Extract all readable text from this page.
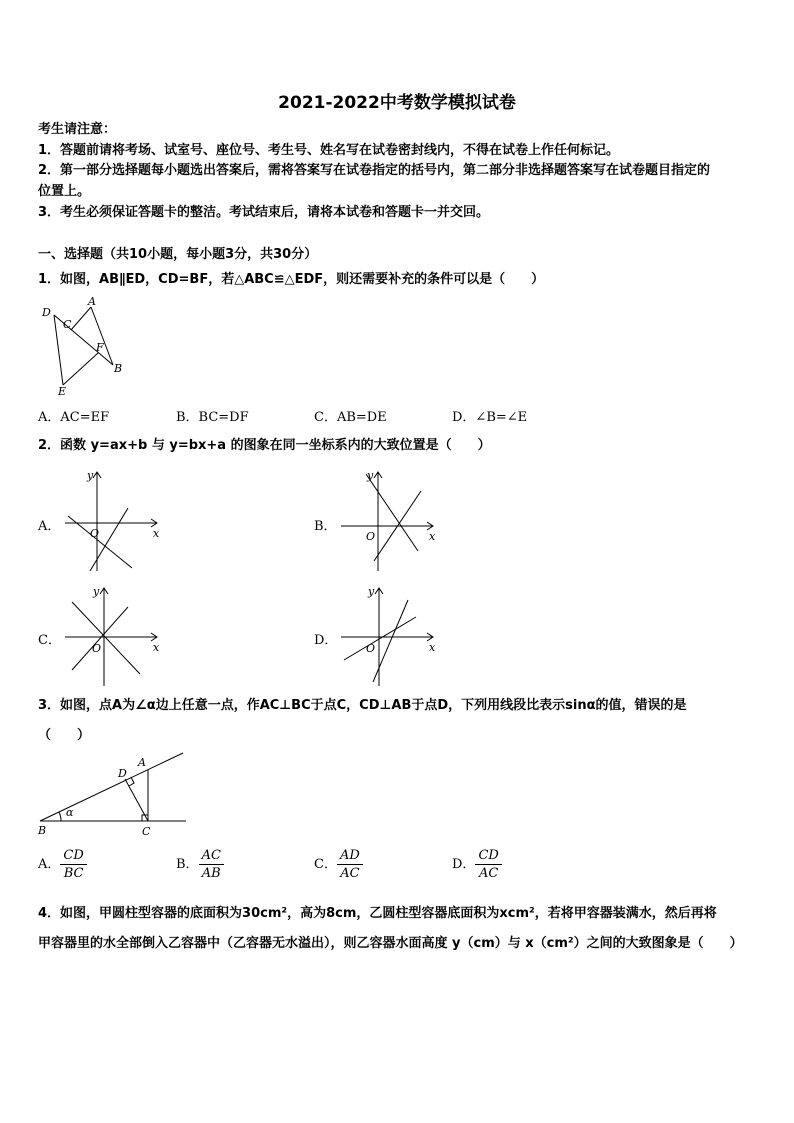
2021-2022中考数学模拟试卷
考生请注意：
1．答题前请将考场、试室号、座位号、考生号、姓名写在试卷密封线内，不得在试卷上作任何标记。
2．第一部分选择题每小题选出答案后，需将答案写在试卷指定的括号内，第二部分非选择题答案写在试卷题目指定的
位置上。
3．考生必须保证答题卡的整洁。考试结束后，请将本试卷和答题卡一并交回。
一、选择题（共10小题，每小题3分，共30分）
1．如图，AB∥ED，CD=BF，若△ABC≌△EDF，则还需要补充的条件可以是（　　）
D
A
C
F
B
E
A．AC=EF	B．BC=DF	C．AB=DE	D．∠B=∠E
2．函数 y=ax+b 与 y=bx+a 的图象在同一坐标系内的大致位置是（　　）
A．
y
x
O	B．
y
x
O
C．
y
x
O
D．
y
x
O
3．如图，点A为∠α边上任意一点，作AC⊥BC于点C，CD⊥AB于点D，下列用线段比表示sinα的值，错误的是
（　　）
A
D
α
B	C
A． $\frac{CD}{BC}$	B． $\frac{AC}{AB}$	C． $\frac{AD}{AC}$	D． $\frac{CD}{AC}$
4．如图，甲圆柱型容器的底面积为30cm²，高为8cm，乙圆柱型容器底面积为xcm²，若将甲容器装满水，然后再将
甲容器里的水全部倒入乙容器中（乙容器无水溢出），则乙容器水面高度 y（cm）与 x（cm²）之间的大致图象是（　　）
